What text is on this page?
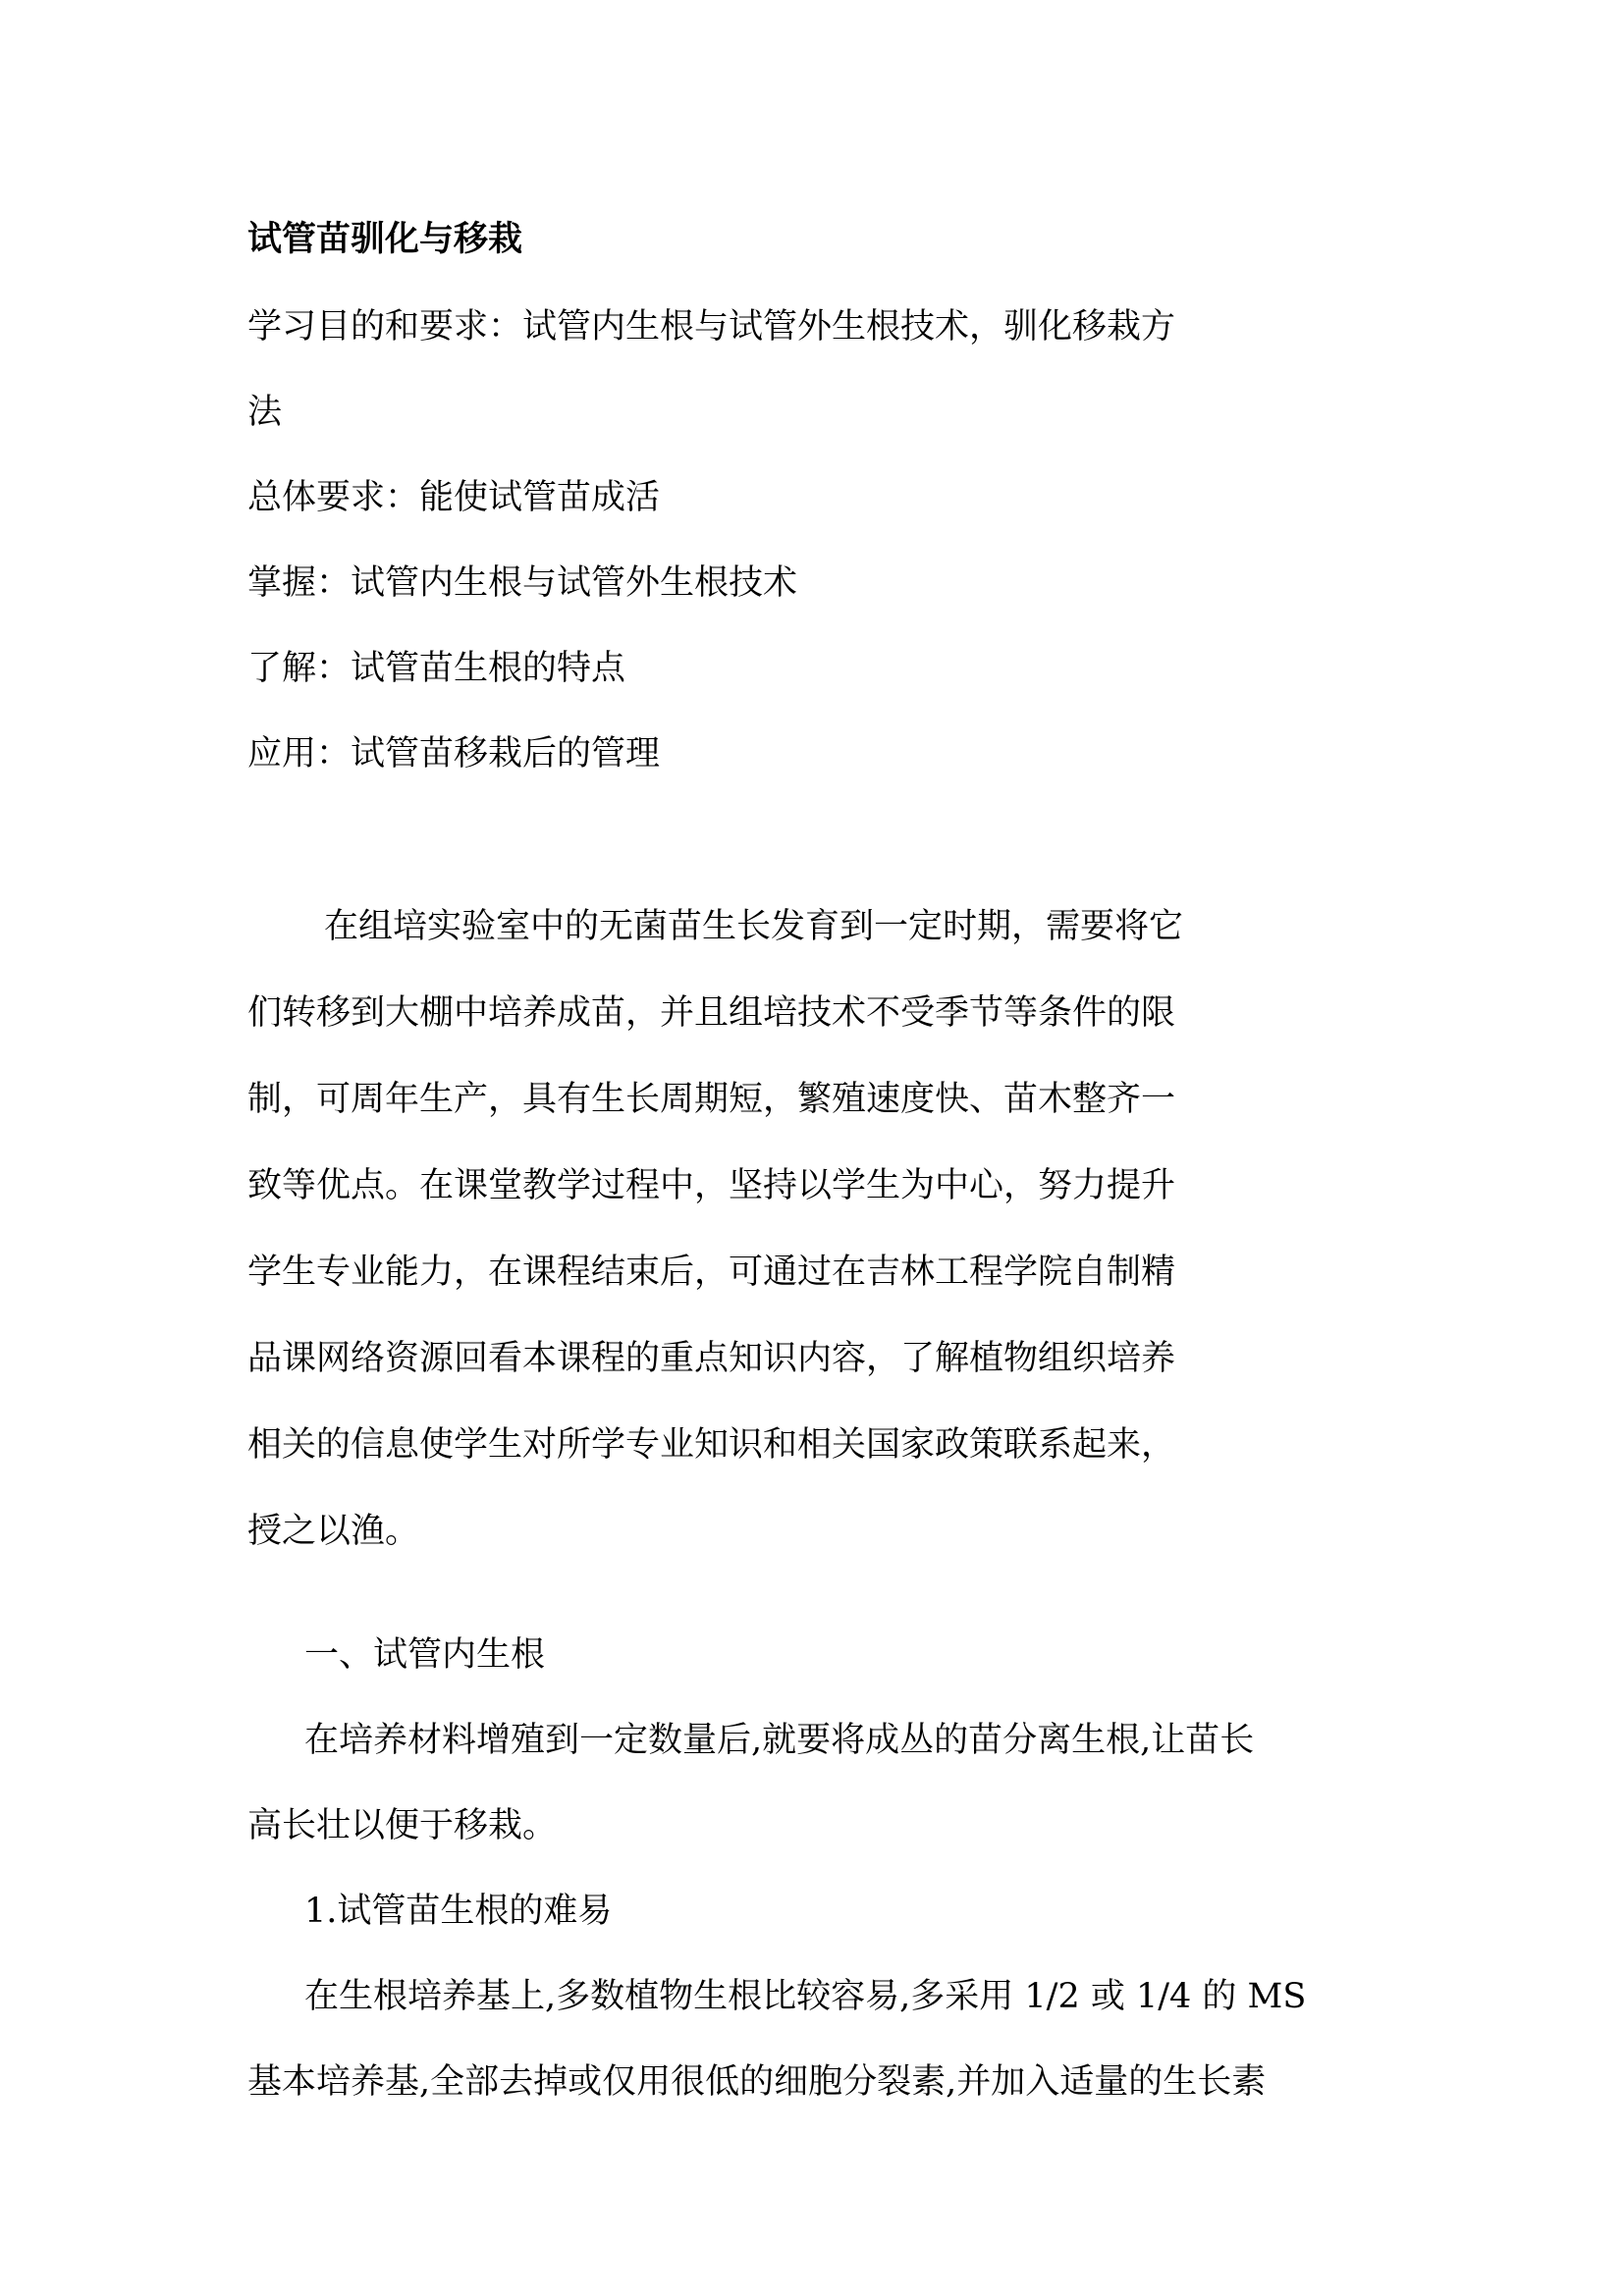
试管苗驯化与移栽

学习目的和要求：试管内生根与试管外生根技术，驯化移栽方

法

总体要求：能使试管苗成活

掌握：试管内生根与试管外生根技术

了解：试管苗生根的特点

应用：试管苗移栽后的管理

在组培实验室中的无菌苗生长发育到一定时期，需要将它

们转移到大棚中培养成苗，并且组培技术不受季节等条件的限

制，可周年生产，具有生长周期短，繁殖速度快、苗木整齐一

致等优点。在课堂教学过程中，坚持以学生为中心，努力提升

学生专业能力，在课程结束后，可通过在吉林工程学院自制精

品课网络资源回看本课程的重点知识内容，了解植物组织培养

相关的信息使学生对所学专业知识和相关国家政策联系起来，

授之以渔。

一、试管内生根

在培养材料增殖到一定数量后,就要将成丛的苗分离生根,让苗长

高长壮以便于移栽。

1.试管苗生根的难易

在生根培养基上,多数植物生根比较容易,多采用 1/2 或 1/4 的 MS

基本培养基,全部去掉或仅用很低的细胞分裂素,并加入适量的生长素
